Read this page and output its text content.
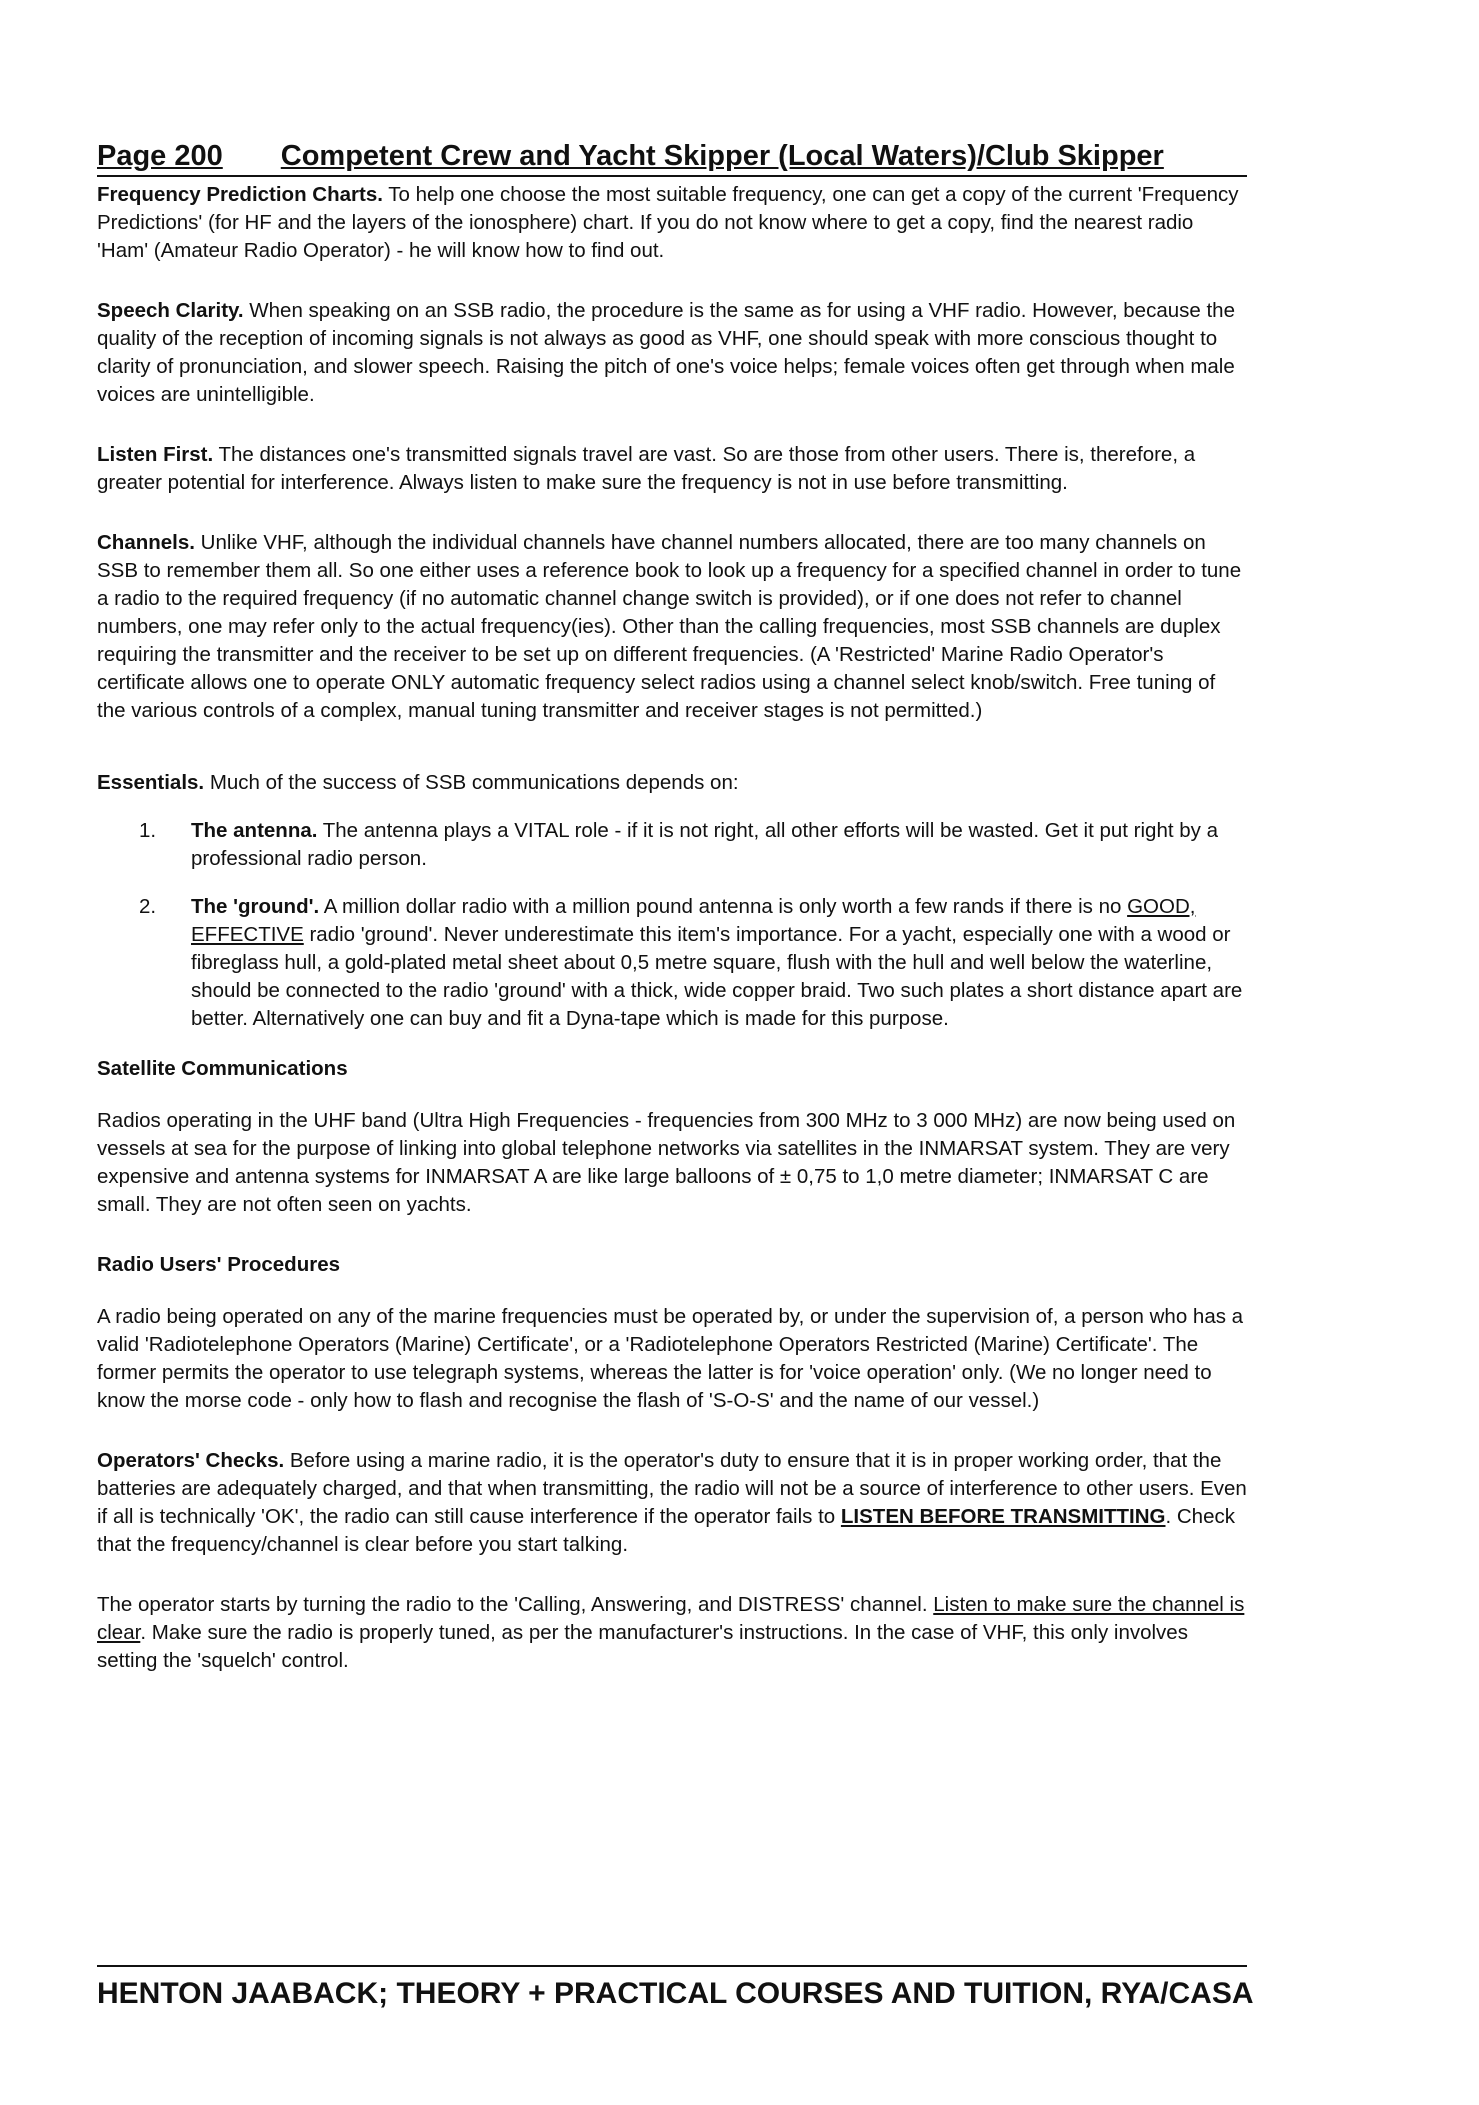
Page 200 Competent Crew and Yacht Skipper (Local Waters)/Club Skipper

Frequency Prediction Charts. To help one choose the most suitable frequency, one can get a copy of the current 'Frequency Predictions' (for HF and the layers of the ionosphere) chart. If you do not know where to get a copy, find the nearest radio 'Ham' (Amateur Radio Operator) - he will know how to find out.

Speech Clarity. When speaking on an SSB radio, the procedure is the same as for using a VHF radio. However, because the quality of the reception of incoming signals is not always as good as VHF, one should speak with more conscious thought to clarity of pronunciation, and slower speech. Raising the pitch of one's voice helps; female voices often get through when male voices are unintelligible.

Listen First. The distances one's transmitted signals travel are vast. So are those from other users. There is, therefore, a greater potential for interference. Always listen to make sure the frequency is not in use before transmitting.

Channels. Unlike VHF, although the individual channels have channel numbers allocated, there are too many channels on SSB to remember them all. So one either uses a reference book to look up a frequency for a specified channel in order to tune a radio to the required frequency (if no automatic channel change switch is provided), or if one does not refer to channel numbers, one may refer only to the actual frequency(ies). Other than the calling frequencies, most SSB channels are duplex requiring the transmitter and the receiver to be set up on different frequencies. (A 'Restricted' Marine Radio Operator's certificate allows one to operate ONLY automatic frequency select radios using a channel select knob/switch. Free tuning of the various controls of a complex, manual tuning transmitter and receiver stages is not permitted.)

Essentials. Much of the success of SSB communications depends on:

1.	The antenna. The antenna plays a VITAL role - if it is not right, all other efforts will be wasted. Get it put right by a professional radio person.
2.	The 'ground'. A million dollar radio with a million pound antenna is only worth a few rands if there is no GOOD, EFFECTIVE radio 'ground'. Never underestimate this item's importance. For a yacht, especially one with a wood or fibreglass hull, a gold-plated metal sheet about 0,5 metre square, flush with the hull and well below the waterline, should be connected to the radio 'ground' with a thick, wide copper braid. Two such plates a short distance apart are better. Alternatively one can buy and fit a Dyna-tape which is made for this purpose.
Satellite Communications

Radios operating in the UHF band (Ultra High Frequencies - frequencies from 300 MHz to 3 000 MHz) are now being used on vessels at sea for the purpose of linking into global telephone networks via satellites in the INMARSAT system. They are very expensive and antenna systems for INMARSAT A are like large balloons of ± 0,75 to 1,0 metre diameter; INMARSAT C are small. They are not often seen on yachts.

Radio Users' Procedures

A radio being operated on any of the marine frequencies must be operated by, or under the supervision of, a person who has a valid 'Radiotelephone Operators (Marine) Certificate', or a 'Radiotelephone Operators Restricted (Marine) Certificate'. The former permits the operator to use telegraph systems, whereas the latter is for 'voice operation' only. (We no longer need to know the morse code - only how to flash and recognise the flash of 'S-O-S' and the name of our vessel.)

Operators' Checks. Before using a marine radio, it is the operator's duty to ensure that it is in proper working order, that the batteries are adequately charged, and that when transmitting, the radio will not be a source of interference to other users. Even if all is technically 'OK', the radio can still cause interference if the operator fails to LISTEN BEFORE TRANSMITTING. Check that the frequency/channel is clear before you start talking.

The operator starts by turning the radio to the 'Calling, Answering, and DISTRESS' channel. Listen to make sure the channel is clear. Make sure the radio is properly tuned, as per the manufacturer's instructions. In the case of VHF, this only involves setting the 'squelch' control.

HENTON JAABACK; THEORY + PRACTICAL COURSES AND TUITION, RYA/CASA
